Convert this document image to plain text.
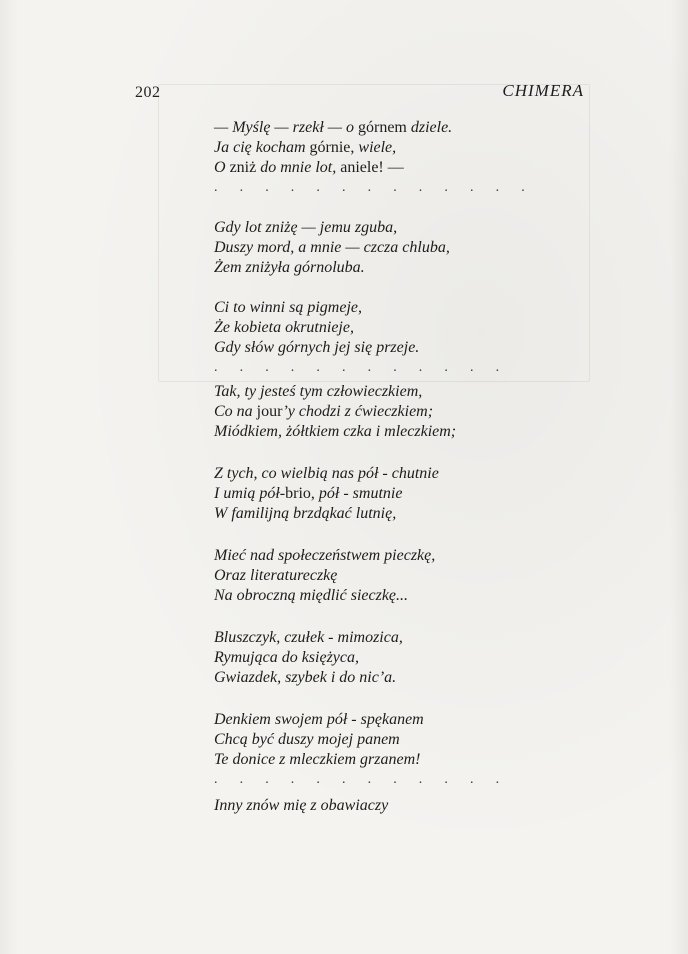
202	CHIMERA
— Myślę — rzekł — o górnem dziele.
Ja cię kocham górnie, wiele,
O zniż do mnie lot, aniele! —
. . . . . . . . . . . . .
Gdy lot zniżę — jemu zguba,
Duszy mord, a mnie — czcza chluba,
Żem zniżyła górnoluba.
Ci to winni są pigmeje,
Że kobieta okrutnieje,
Gdy słów górnych jej się przeje.
. . . . . . . . . . . .
Tak, ty jesteś tym człowieczkiem,
Co na jour’y chodzi z ćwieczkiem;
Miódkiem, żółtkiem czka i mleczkiem;
Z tych, co wielbią nas pół - chutnie
I umią pół-brio, pół - smutnie
W familijną brzdąkać lutnię,
Mieć nad społeczeństwem pieczkę,
Oraz literatureczkę
Na obroczną międlić sieczkę...
Bluszczyk, czułek - mimozica,
Rymująca do księżyca,
Gwiazdek, szybek i do nic’a.
Denkiem swojem pół - spękanem
Chcą być duszy mojej panem
Te donice z mleczkiem grzanem!
. . . . . . . . . . . .
Inny znów mię z obawiaczy
